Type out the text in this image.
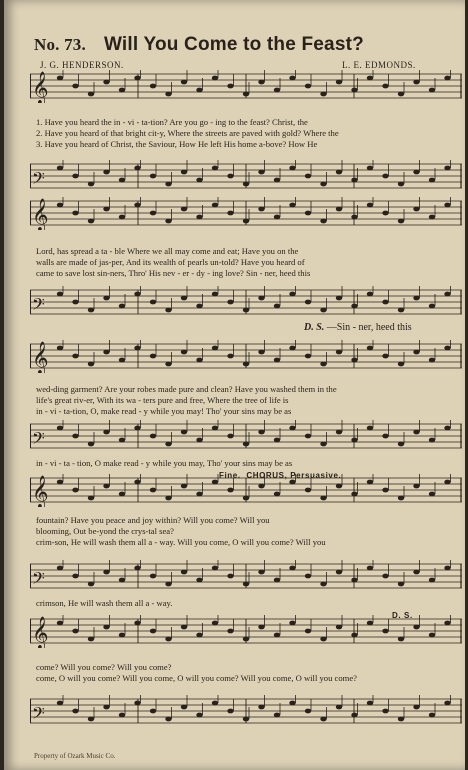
No. 73. Will You Come to the Feast?
J. G. HENDERSON.	L. E. EDMONDS.
𝄞
1. Have you heard the in - vi - ta-tion? Are you go - ing to the feast? Christ, the
2. Have you heard of that bright cit-y, Where the streets are paved with gold? Where the
3. Have you heard of Christ, the Saviour, How He left His home a-bove? How He
𝄢
𝄞
Lord, has spread a ta - ble Where we all may come and eat; Have you on the
walls are made of jas-per, And its wealth of pearls un-told? Have you heard of
came to save lost sin-ners, Thro' His nev - er - dy - ing love? Sin - ner, heed this
𝄢
D. S. —Sin - ner, heed this
𝄞
wed-ding garment? Are your robes made pure and clean? Have you washed them in the
life's great riv-er, With its wa - ters pure and free, Where the tree of life is
in - vi - ta-tion, O, make read - y while you may! Tho' your sins may be as
𝄢
in - vi - ta - tion, O make read - y while you may, Tho' your sins may be as
Fine. CHORUS, Persuasive.
𝄞
fountain? Have you peace and joy within? Will you come? Will you
blooming, Out be-yond the crys-tal sea?
crim-son, He will wash them all a - way. Will you come, O will you come? Will you
𝄢
crimson, He will wash them all a - way.
D. S.
𝄞
come? Will you come? Will you come?
come, O will you come? Will you come, O will you come? Will you come, O will you come?
𝄢
Property of Ozark Music Co.
